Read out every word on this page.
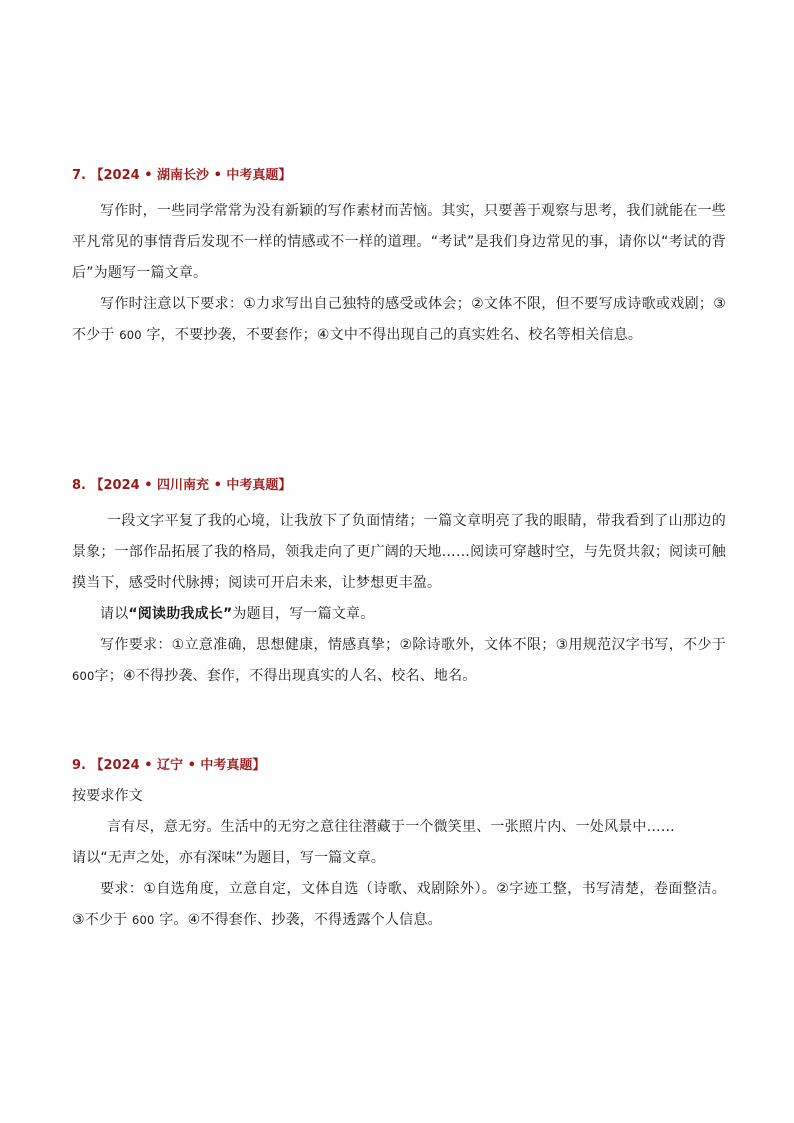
7. 【2024 • 湖南长沙 • 中考真题】

写作时，一些同学常常为没有新颖的写作素材而苦恼。其实，只要善于观察与思考，我们就能在一些平凡常见的事情背后发现不一样的情感或不一样的道理。“考试”是我们身边常见的事，请你以“考试的背后”为题写一篇文章。

写作时注意以下要求：①力求写出自己独特的感受或体会；②文体不限，但不要写成诗歌或戏剧；③不少于 600 字，不要抄袭，不要套作；④文中不得出现自己的真实姓名、校名等相关信息。

8. 【2024 • 四川南充 • 中考真题】

一段文字平复了我的心境，让我放下了负面情绪；一篇文章明亮了我的眼睛，带我看到了山那边的景象；一部作品拓展了我的格局，领我走向了更广阔的天地……阅读可穿越时空，与先贤共叙；阅读可触摸当下，感受时代脉搏；阅读可开启未来，让梦想更丰盈。

请以“阅读助我成长”为题目，写一篇文章。

写作要求：①立意准确，思想健康，情感真挚；②除诗歌外，文体不限；③用规范汉字书写，不少于 600字；④不得抄袭、套作，不得出现真实的人名、校名、地名。

9. 【2024 • 辽宁 • 中考真题】

按要求作文

言有尽，意无穷。生活中的无穷之意往往潜藏于一个微笑里、一张照片内、一处风景中……

请以“无声之处，亦有深味”为题目，写一篇文章。

要求：①自选角度，立意自定，文体自选（诗歌、戏剧除外）。②字迹工整，书写清楚，卷面整洁。③不少于 600 字。④不得套作、抄袭，不得透露个人信息。
